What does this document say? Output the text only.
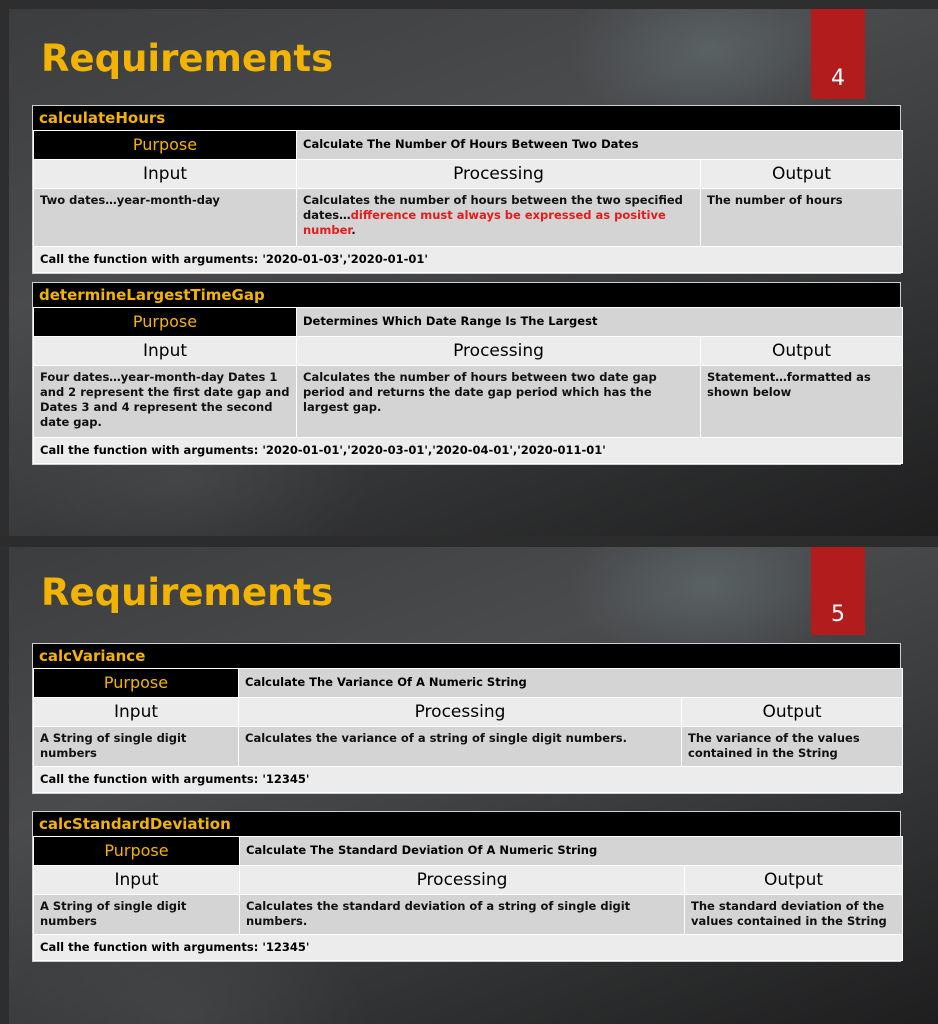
Requirements	4
calculateHours
Purpose	Calculate The Number Of Hours Between Two Dates	
Input	Processing	Output
Two dates…year-month-day	Calculates the number of hours between the two specified dates…difference must always be expressed as positive number.	The number of hours
Call the function with arguments: '2020-01-03','2020-01-01'		
determineLargestTimeGap
Purpose	Determines Which Date Range Is The Largest	
Input	Processing	Output
Four dates…year-month-day Dates 1 and 2 represent the first date gap and Dates 3 and 4 represent the second date gap.	Calculates the number of hours between two date gap period and returns the date gap period which has the largest gap.	Statement…formatted as shown below
Call the function with arguments: '2020-01-01','2020-03-01','2020-04-01','2020-011-01'		
Requirements
5
calcVariance
Purpose	Calculate The Variance Of A Numeric String	
Input	Processing	Output
A String of single digit numbers	Calculates the variance of a string of single digit numbers.	The variance of the values contained in the String
Call the function with arguments: '12345'		
calcStandardDeviation
Purpose	Calculate The Standard Deviation Of A Numeric String	
Input	Processing	Output
A String of single digit numbers	Calculates the standard deviation of a string of single digit numbers.	The standard deviation of the values contained in the String
Call the function with arguments: '12345'		
